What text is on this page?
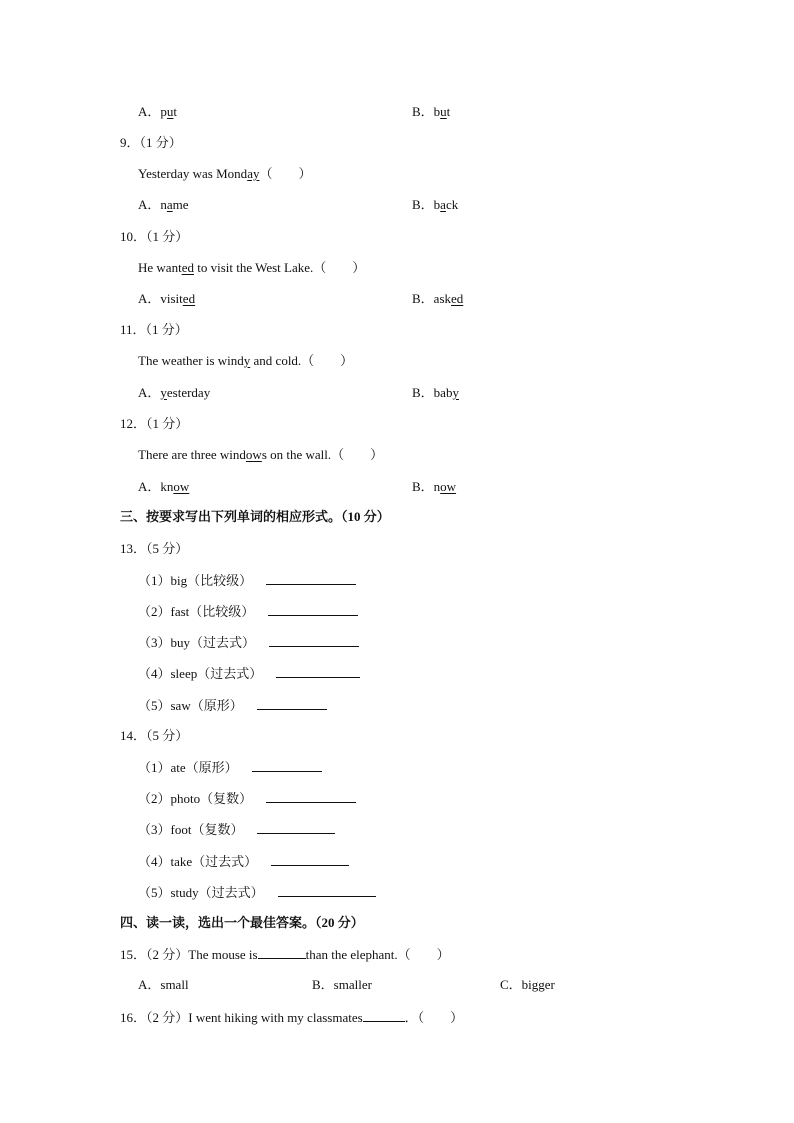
A．put	B．but
9．（1 分）
Yesterday was Monday（　　）
A．name	B．back
10．（1 分）
He wanted to visit the West Lake.（　　）
A．visited	B．asked
11．（1 分）
The weather is windy and cold.（　　）
A．yesterday	B．baby
12．（1 分）
There are three windows on the wall.（　　）
A．know	B．now
三、按要求写出下列单词的相应形式。（10 分）
13．（5 分）
（1）big（比较级）
（2）fast（比较级）
（3）buy（过去式）
（4）sleep（过去式）
（5）saw（原形）
14．（5 分）
（1）ate（原形）
（2）photo（复数）
（3）foot（复数）
（4）take（过去式）
（5）study（过去式）
四、读一读，选出一个最佳答案。（20 分）
15．（2 分）The mouse is	than the elephant.（　　）
A．small	B．smaller	C．bigger
16．（2 分）I went hiking with my classmates	．（　　）
